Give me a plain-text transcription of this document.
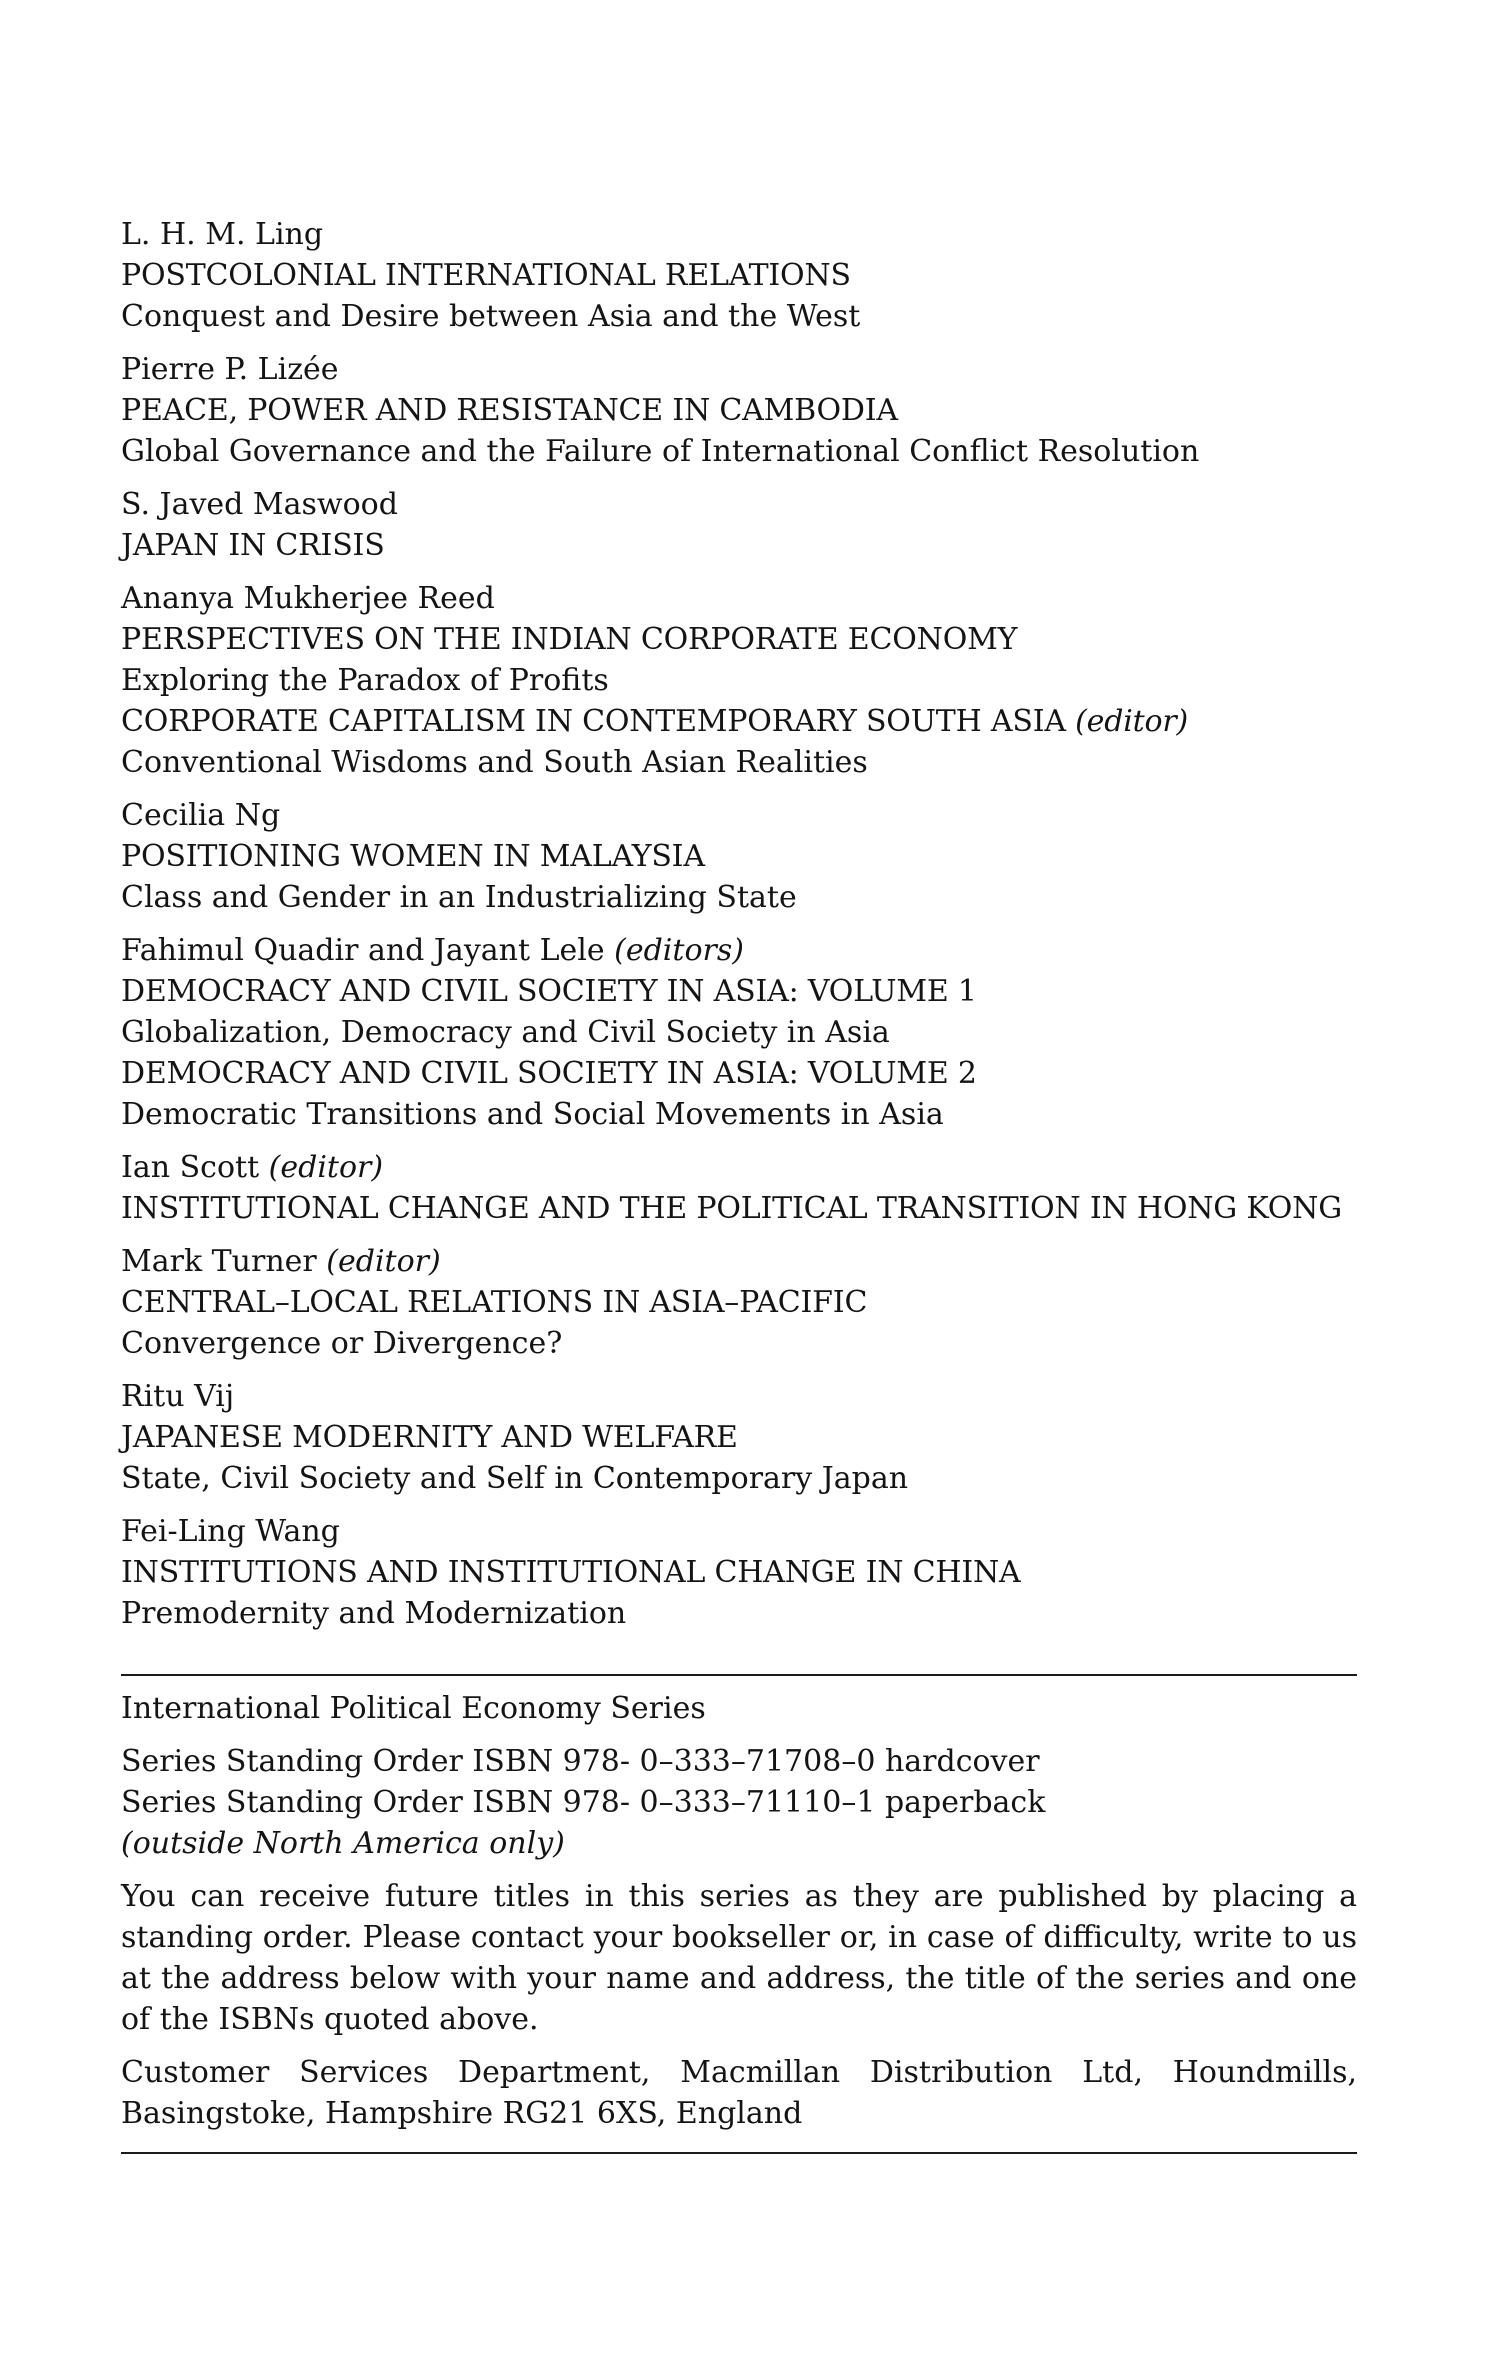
L. H. M. Ling
POSTCOLONIAL INTERNATIONAL RELATIONS
Conquest and Desire between Asia and the West
Pierre P. Lizée
PEACE, POWER AND RESISTANCE IN CAMBODIA
Global Governance and the Failure of International Conflict Resolution
S. Javed Maswood
JAPAN IN CRISIS
Ananya Mukherjee Reed
PERSPECTIVES ON THE INDIAN CORPORATE ECONOMY
Exploring the Paradox of Profits
CORPORATE CAPITALISM IN CONTEMPORARY SOUTH ASIA (editor)
Conventional Wisdoms and South Asian Realities
Cecilia Ng
POSITIONING WOMEN IN MALAYSIA
Class and Gender in an Industrializing State
Fahimul Quadir and Jayant Lele (editors)
DEMOCRACY AND CIVIL SOCIETY IN ASIA: VOLUME 1
Globalization, Democracy and Civil Society in Asia
DEMOCRACY AND CIVIL SOCIETY IN ASIA: VOLUME 2
Democratic Transitions and Social Movements in Asia
Ian Scott (editor)
INSTITUTIONAL CHANGE AND THE POLITICAL TRANSITION IN HONG KONG
Mark Turner (editor)
CENTRAL–LOCAL RELATIONS IN ASIA–PACIFIC
Convergence or Divergence?
Ritu Vij
JAPANESE MODERNITY AND WELFARE
State, Civil Society and Self in Contemporary Japan
Fei-Ling Wang
INSTITUTIONS AND INSTITUTIONAL CHANGE IN CHINA
Premodernity and Modernization
International Political Economy Series
Series Standing Order ISBN 978- 0–333–71708–0 hardcover
Series Standing Order ISBN 978- 0–333–71110–1 paperback
(outside North America only)

You can receive future titles in this series as they are published by placing a standing order. Please contact your bookseller or, in case of difficulty, write to us at the address below with your name and address, the title of the series and one of the ISBNs quoted above.

Customer Services Department, Macmillan Distribution Ltd, Houndmills, Basingstoke, Hampshire RG21 6XS, England
